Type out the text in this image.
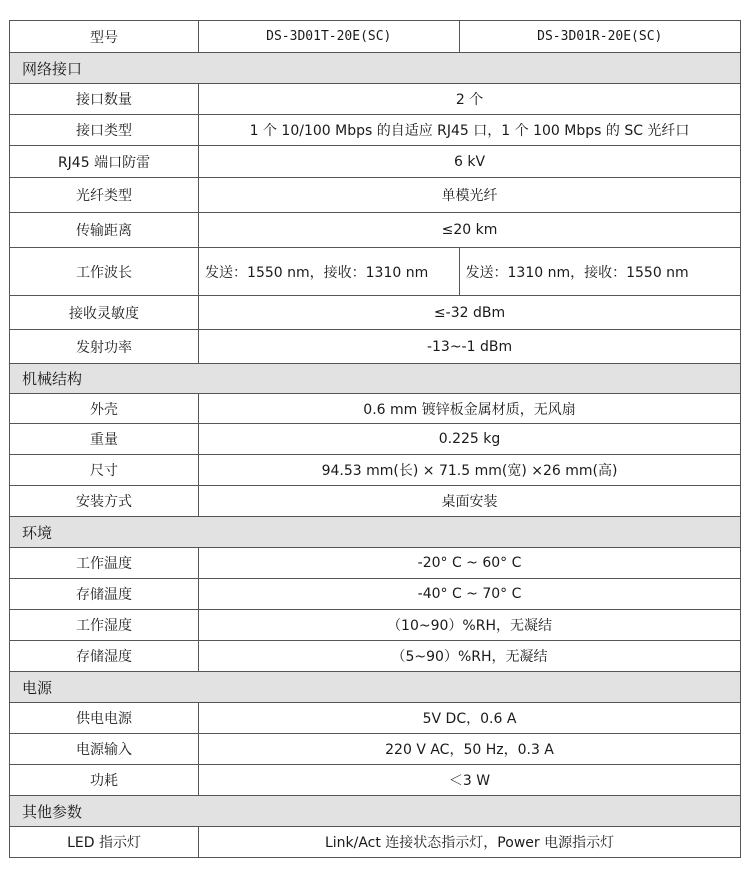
型号	DS-3D01T-20E(SC)	DS-3D01R-20E(SC)
网络接口		
接口数量	2 个	
接口类型	1 个 10/100 Mbps 的自适应 RJ45 口，1 个 100 Mbps 的 SC 光纤口	
RJ45 端口防雷	6 kV	
光纤类型	单模光纤	
传输距离	≤20 km	
工作波长	发送：1550 nm，接收：1310 nm	发送：1310 nm，接收：1550 nm
接收灵敏度	≤-32 dBm	
发射功率	-13~-1 dBm	
机械结构		
外壳	0.6 mm 镀锌板金属材质，无风扇	
重量	0.225 kg	
尺寸	94.53 mm(长) × 71.5 mm(宽) ×26 mm(高)	
安装方式	桌面安装	
环境		
工作温度	-20° C ~ 60° C	
存储温度	-40° C ~ 70° C	
工作湿度	（10~90）%RH，无凝结	
存储湿度	（5~90）%RH，无凝结	
电源		
供电电源	5V DC，0.6 A	
电源输入	220 V AC，50 Hz，0.3 A	
功耗	＜3 W	
其他参数		
LED 指示灯	Link/Act 连接状态指示灯，Power 电源指示灯	
